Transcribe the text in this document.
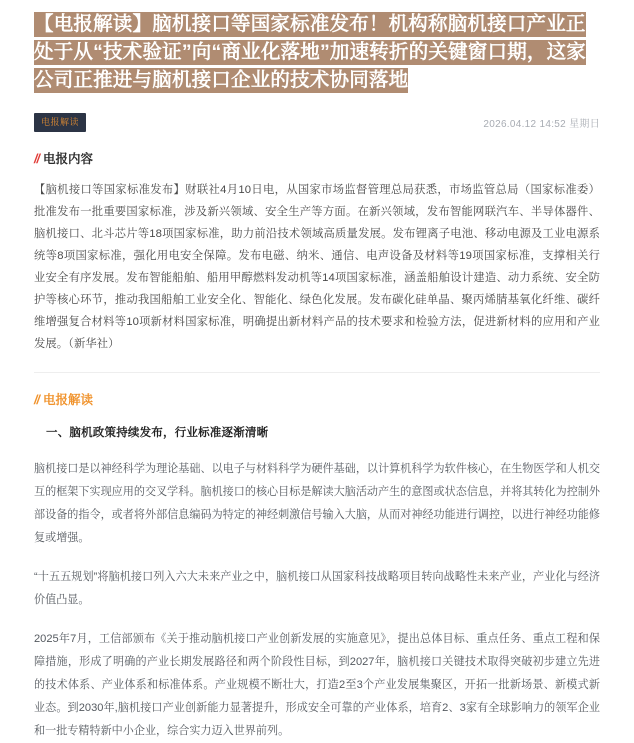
【电报解读】脑机接口等国家标准发布！机构称脑机接口产业正处于从“技术验证”向“商业化落地”加速转折的关键窗口期，这家公司正推进与脑机接口企业的技术协同落地
电报解读	2026.04.12 14:52 星期日
// 电报内容

【脑机接口等国家标准发布】财联社4月10日电，从国家市场监督管理总局获悉，市场监管总局（国家标准委）批准发布一批重要国家标准，涉及新兴领域、安全生产等方面。在新兴领域，发布智能网联汽车、半导体器件、脑机接口、北斗芯片等18项国家标准，助力前沿技术领域高质量发展。发布锂离子电池、移动电源及工业电源系统等8项国家标准，强化用电安全保障。发布电磁、纳米、通信、电声设备及材料等19项国家标准，支撑相关行业安全有序发展。发布智能船舶、船用甲醇燃料发动机等14项国家标准，涵盖船舶设计建造、动力系统、安全防护等核心环节，推动我国船舶工业安全化、智能化、绿色化发展。发布碳化硅单晶、聚丙烯腈基氧化纤维、碳纤维增强复合材料等10项新材料国家标准，明确提出新材料产品的技术要求和检验方法，促进新材料的应用和产业发展。（新华社）

// 电报解读
一、脑机政策持续发布，行业标准逐渐清晰

脑机接口是以神经科学为理论基础、以电子与材料科学为硬件基础，以计算机科学为软件核心，在生物医学和人机交互的框架下实现应用的交叉学科。脑机接口的核心目标是解读大脑活动产生的意图或状态信息，并将其转化为控制外部设备的指令，或者将外部信息编码为特定的神经刺激信号输入大脑，从而对神经功能进行调控，以进行神经功能修复或增强。

“十五五规划”将脑机接口列入六大未来产业之中，脑机接口从国家科技战略项目转向战略性未来产业，产业化与经济价值凸显。

2025年7月，工信部颁布《关于推动脑机接口产业创新发展的实施意见》，提出总体目标、重点任务、重点工程和保障措施，形成了明确的产业长期发展路径和两个阶段性目标，到2027年，脑机接口关键技术取得突破初步建立先进的技术体系、产业体系和标准体系。产业规模不断壮大，打造2至3个产业发展集聚区，开拓一批新场景、新模式新业态。到2030年,脑机接口产业创新能力显著提升，形成安全可靠的产业体系，培育2、3家有全球影响力的领军企业和一批专精特新中小企业，综合实力迈入世界前列。
